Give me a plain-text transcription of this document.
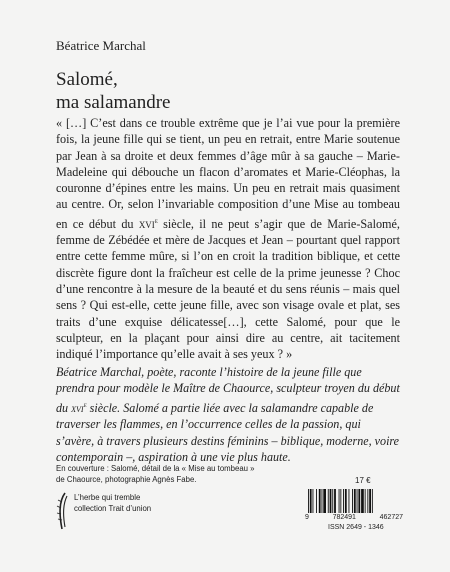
Béatrice Marchal
Salomé,
ma salamandre

« […] C’est dans ce trouble extrême que je l’ai vue pour la première fois, la jeune fille qui se tient, un peu en retrait, entre Marie soutenue par Jean à sa droite et deux femmes d’âge mûr à sa gauche – Marie-Madeleine qui débouche un flacon d’aromates et Marie-Cléophas, la couronne d’épines entre les mains. Un peu en retrait mais quasiment au centre. Or, selon l’invariable composition d’une Mise au tombeau en ce début du xvi$^e$ siècle, il ne peut s’agir que de Marie-Salomé, femme de Zébédée et mère de Jacques et Jean – pourtant quel rapport entre cette femme mûre, si l’on en croit la tradition biblique, et cette discrète figure dont la fraîcheur est celle de la prime jeunesse ? Choc d’une rencontre à la mesure de la beauté et du sens réunis – mais quel sens ? Qui est-elle, cette jeune fille, avec son visage ovale et plat, ses traits d’une exquise délicatesse[…], cette Salomé, pour que le sculpteur, en la plaçant pour ainsi dire au centre, ait tacitement indiqué l’importance qu’elle avait à ses yeux ? »

Béatrice Marchal, poète, raconte l’histoire de la jeune fille que prendra pour modèle le Maître de Chaource, sculpteur troyen du début du xvi$^e$ siècle. Salomé a partie liée avec la salamandre capable de traverser les flammes, en l’occurrence celles de la passion, qui s’avère, à travers plusieurs destins féminins – biblique, moderne, voire contemporain –, aspiration à une vie plus haute.

En couverture : Salomé, détail de la « Mise au tombeau »
de Chaource, photographie Agnès Fabe.
L’herbe qui tremble
collection Trait d’union
17 €
9	782491	462727
ISSN 2649 - 1346
